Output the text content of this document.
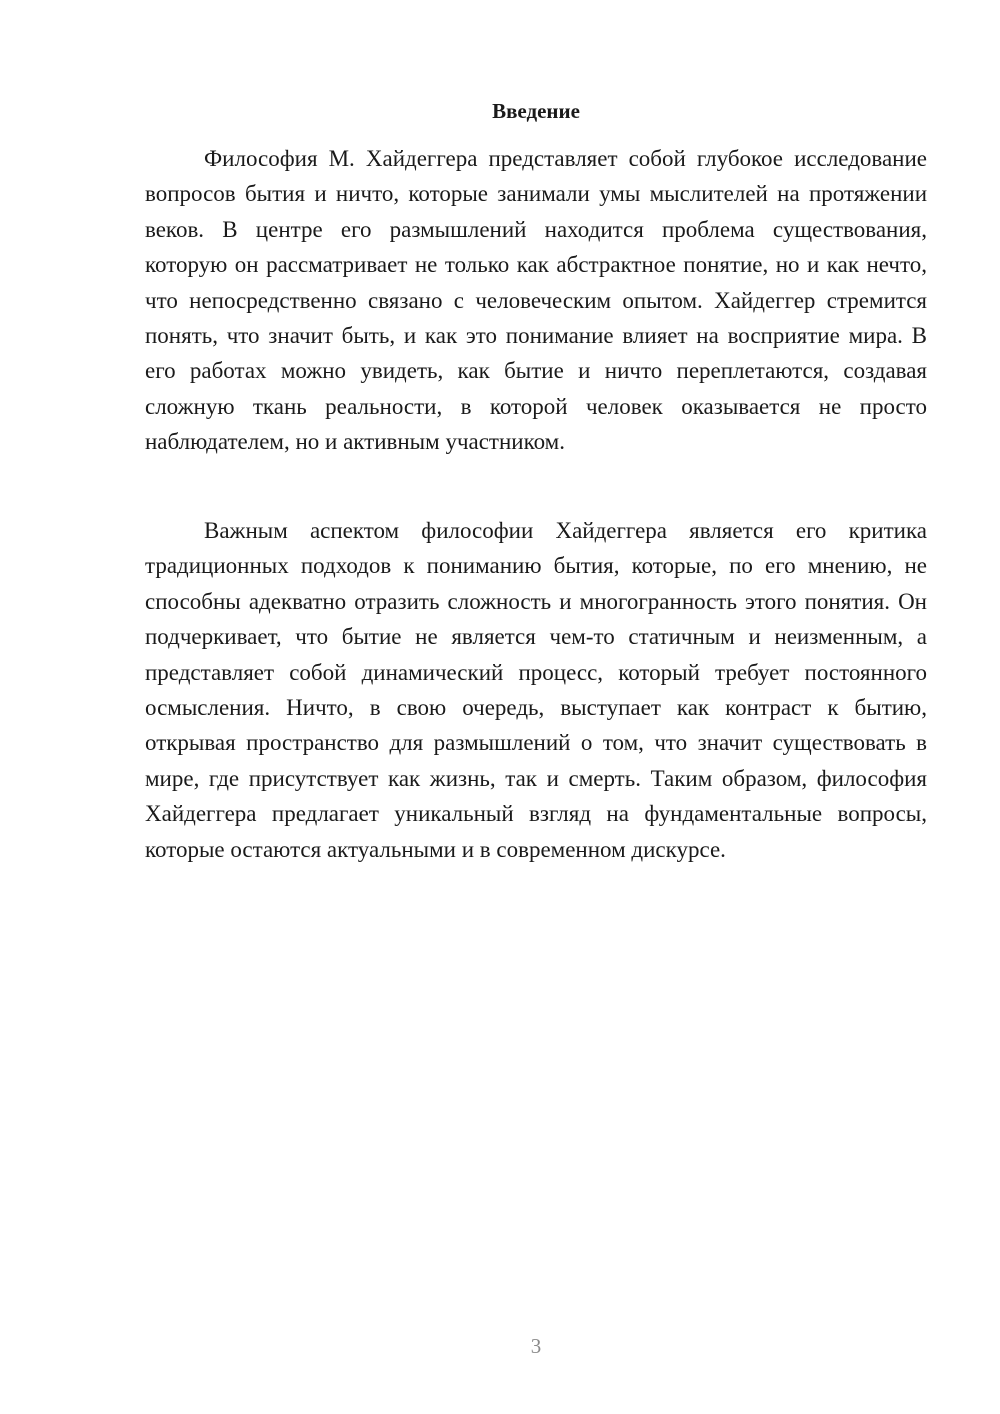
Введение

Философия М. Хайдеггера представляет собой глубокое исследование вопросов бытия и ничто, которые занимали умы мыслителей на протяжении веков. В центре его размышлений находится проблема существования, которую он рассматривает не только как абстрактное понятие, но и как нечто, что непосредственно связано с человеческим опытом. Хайдеггер стремится понять, что значит быть, и как это понимание влияет на восприятие мира. В его работах можно увидеть, как бытие и ничто переплетаются, создавая сложную ткань реальности, в которой человек оказывается не просто наблюдателем, но и активным участником.

Важным аспектом философии Хайдеггера является его критика традиционных подходов к пониманию бытия, которые, по его мнению, не способны адекватно отразить сложность и многогранность этого понятия. Он подчеркивает, что бытие не является чем-то статичным и неизменным, а представляет собой динамический процесс, который требует постоянного осмысления. Ничто, в свою очередь, выступает как контраст к бытию, открывая пространство для размышлений о том, что значит существовать в мире, где присутствует как жизнь, так и смерть. Таким образом, философия Хайдеггера предлагает уникальный взгляд на фундаментальные вопросы, которые остаются актуальными и в современном дискурсе.

3
